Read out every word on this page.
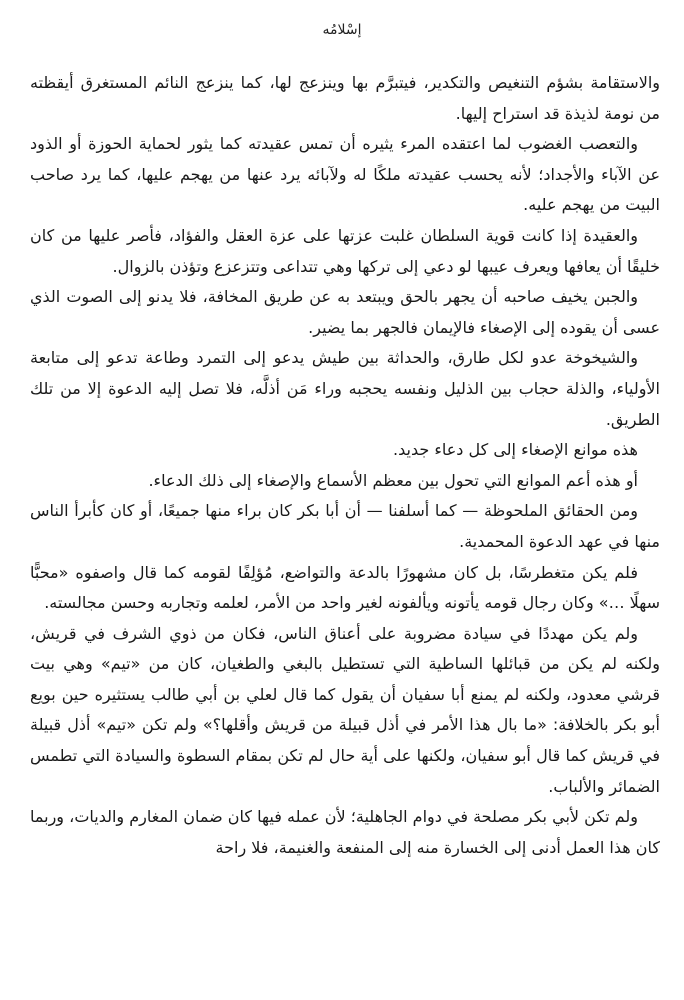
إسْلامُه

والاستقامة بشؤم التنغيص والتكدير، فيتبرَّم بها وينزعج لها، كما ينزعج النائم المستغرق أيقظته من نومة لذيذة قد استراح إليها.

والتعصب الغضوب لما اعتقده المرء يثيره أن تمس عقيدته كما يثور لحماية الحوزة أو الذود عن الآباء والأجداد؛ لأنه يحسب عقيدته ملكًا له ولآبائه يرد عنها من يهجم عليها، كما يرد صاحب البيت من يهجم عليه.

والعقيدة إذا كانت قوية السلطان غلبت عزتها على عزة العقل والفؤاد، فأصر عليها من كان خليقًا أن يعافها ويعرف عيبها لو دعي إلى تركها وهي تتداعى وتتزعزع وتؤذن بالزوال.

والجبن يخيف صاحبه أن يجهر بالحق ويبتعد به عن طريق المخافة، فلا يدنو إلى الصوت الذي عسى أن يقوده إلى الإصغاء فالإيمان فالجهر بما يضير.

والشيخوخة عدو لكل طارق، والحداثة بين طيش يدعو إلى التمرد وطاعة تدعو إلى متابعة الأولياء، والذلة حجاب بين الذليل ونفسه يحجبه وراء مَن أذلَّه، فلا تصل إليه الدعوة إلا من تلك الطريق.

هذه موانع الإصغاء إلى كل دعاء جديد.

أو هذه أعم الموانع التي تحول بين معظم الأسماع والإصغاء إلى ذلك الدعاء.

ومن الحقائق الملحوظة — كما أسلفنا — أن أبا بكر كان براء منها جميعًا، أو كان كأبرأ الناس منها في عهد الدعوة المحمدية.

فلم يكن متغطرسًا، بل كان مشهورًا بالدعة والتواضع، مُؤلِفًا لقومه كما قال واصفوه «محبًّا سهلًا …» وكان رجال قومه يأتونه ويألفونه لغير واحد من الأمر، لعلمه وتجاربه وحسن مجالسته.

ولم يكن مهددًا في سيادة مضروبة على أعناق الناس، فكان من ذوي الشرف في قريش، ولكنه لم يكن من قبائلها الساطية التي تستطيل بالبغي والطغيان، كان من «تيم» وهي بيت قرشي معدود، ولكنه لم يمنع أبا سفيان أن يقول كما قال لعلي بن أبي طالب يستثيره حين بويع أبو بكر بالخلافة: «ما بال هذا الأمر في أذل قبيلة من قريش وأقلها؟» ولم تكن «تيم» أذل قبيلة في قريش كما قال أبو سفيان، ولكنها على أية حال لم تكن بمقام السطوة والسيادة التي تطمس الضمائر والألباب.

ولم تكن لأبي بكر مصلحة في دوام الجاهلية؛ لأن عمله فيها كان ضمان المغارم والديات، وربما كان هذا العمل أدنى إلى الخسارة منه إلى المنفعة والغنيمة، فلا راحة
